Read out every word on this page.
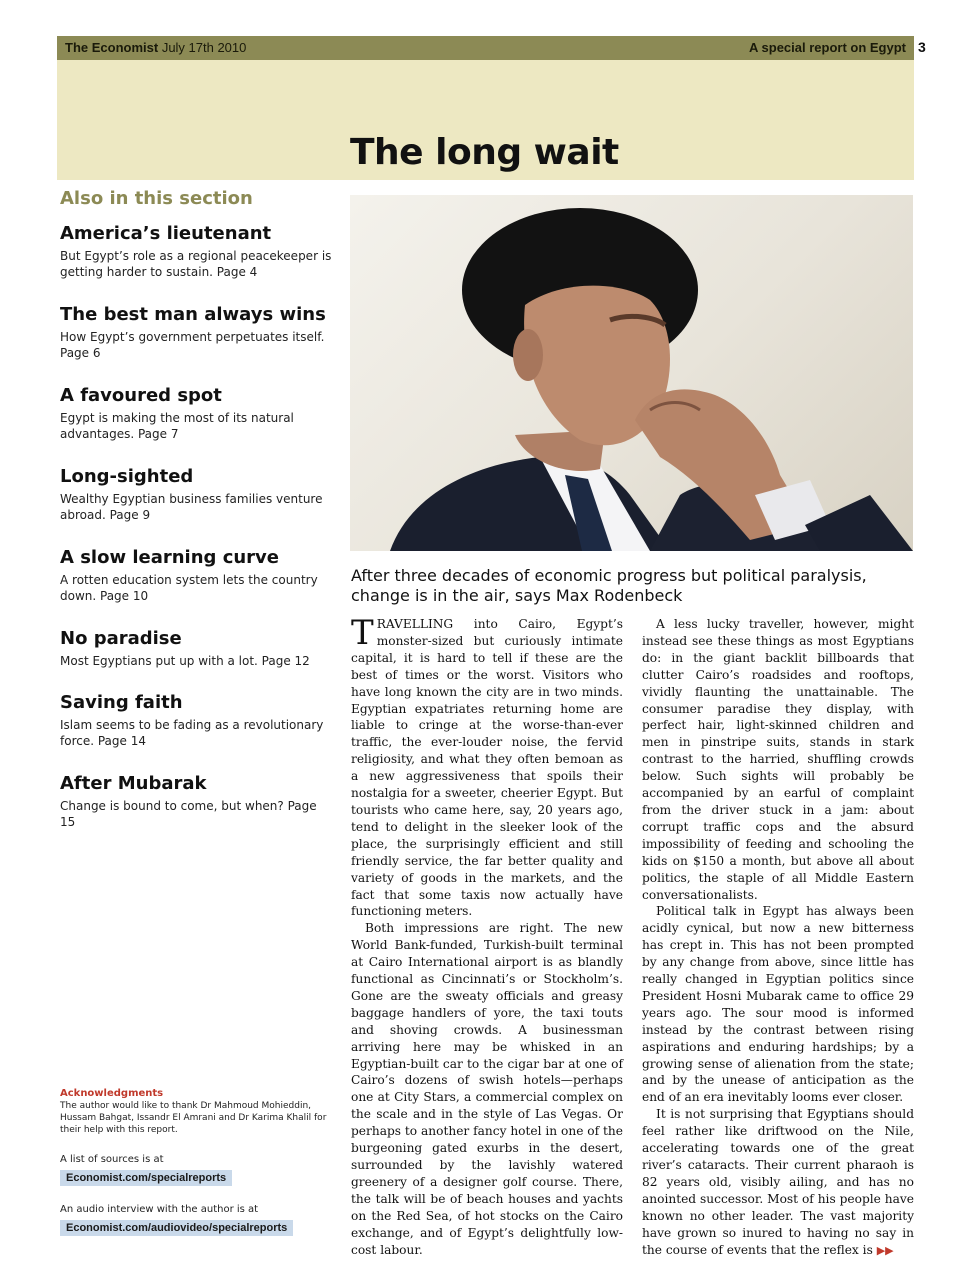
The Economist July 17th 2010	A special report on Egypt 3
The long wait
Also in this section
America’s lieutenant

But Egypt’s role as a regional peacekeeper is getting harder to sustain. Page 4

The best man always wins

How Egypt’s government perpetuates itself. Page 6

A favoured spot

Egypt is making the most of its natural advantages. Page 7

Long-sighted

Wealthy Egyptian business families venture abroad. Page 9

A slow learning curve

A rotten education system lets the country down. Page 10

No paradise

Most Egyptians put up with a lot. Page 12

Saving faith

Islam seems to be fading as a revolutionary force. Page 14

After Mubarak

Change is bound to come, but when? Page 15

Acknowledgments
The author would like to thank Dr Mahmoud Mohieddin, Hussam Bahgat, Issandr El Amrani and Dr Karima Khalil for their help with this report.
A list of sources is at
Economist.com/specialreports
An audio interview with the author is at
Economist.com/audiovideo/specialreports
After three decades of economic progress but political paralysis, change is in the air, says Max Rodenbeck

TRAVELLING into Cairo, Egypt’s monster-sized but curiously intimate capital, it is hard to tell if these are the best of times or the worst. Visitors who have long known the city are in two minds. Egyptian expatriates returning home are liable to cringe at the worse-than-ever traffic, the ever-louder noise, the fervid religiosity, and what they often bemoan as a new aggressiveness that spoils their nostalgia for a sweeter, cheerier Egypt. But tourists who came here, say, 20 years ago, tend to delight in the sleeker look of the place, the surprisingly efficient and still friendly service, the far better quality and variety of goods in the markets, and the fact that some taxis now actually have functioning meters.

Both impressions are right. The new World Bank-funded, Turkish-built terminal at Cairo International airport is as blandly functional as Cincinnati’s or Stockholm’s. Gone are the sweaty officials and greasy baggage handlers of yore, the taxi touts and shoving crowds. A businessman arriving here may be whisked in an Egyptian-built car to the cigar bar at one of Cairo’s dozens of swish hotels—perhaps one at City Stars, a commercial complex on the scale and in the style of Las Vegas. Or perhaps to another fancy hotel in one of the burgeoning gated exurbs in the desert, surrounded by the lavishly watered greenery of a designer golf course. There, the talk will be of beach houses and yachts on the Red Sea, of hot stocks on the Cairo exchange, and of Egypt’s delightfully low-cost labour.

A less lucky traveller, however, might instead see these things as most Egyptians do: in the giant backlit billboards that clutter Cairo’s roadsides and rooftops, vividly flaunting the unattainable. The consumer paradise they display, with perfect hair, light-skinned children and men in pinstripe suits, stands in stark contrast to the harried, shuffling crowds below. Such sights will probably be accompanied by an earful of complaint from the driver stuck in a jam: about corrupt traffic cops and the absurd impossibility of feeding and schooling the kids on $150 a month, but above all about politics, the staple of all Middle Eastern conversationalists.

Political talk in Egypt has always been acidly cynical, but now a new bitterness has crept in. This has not been prompted by any change from above, since little has really changed in Egyptian politics since President Hosni Mubarak came to office 29 years ago. The sour mood is informed instead by the contrast between rising aspirations and enduring hardships; by a growing sense of alienation from the state; and by the unease of anticipation as the end of an era inevitably looms ever closer.

It is not surprising that Egyptians should feel rather like driftwood on the Nile, accelerating towards one of the great river’s cataracts. Their current pharaoh is 82 years old, visibly ailing, and has no anointed successor. Most of his people have known no other leader. The vast majority have grown so inured to having no say in the course of events that the reflex is ▶▶
